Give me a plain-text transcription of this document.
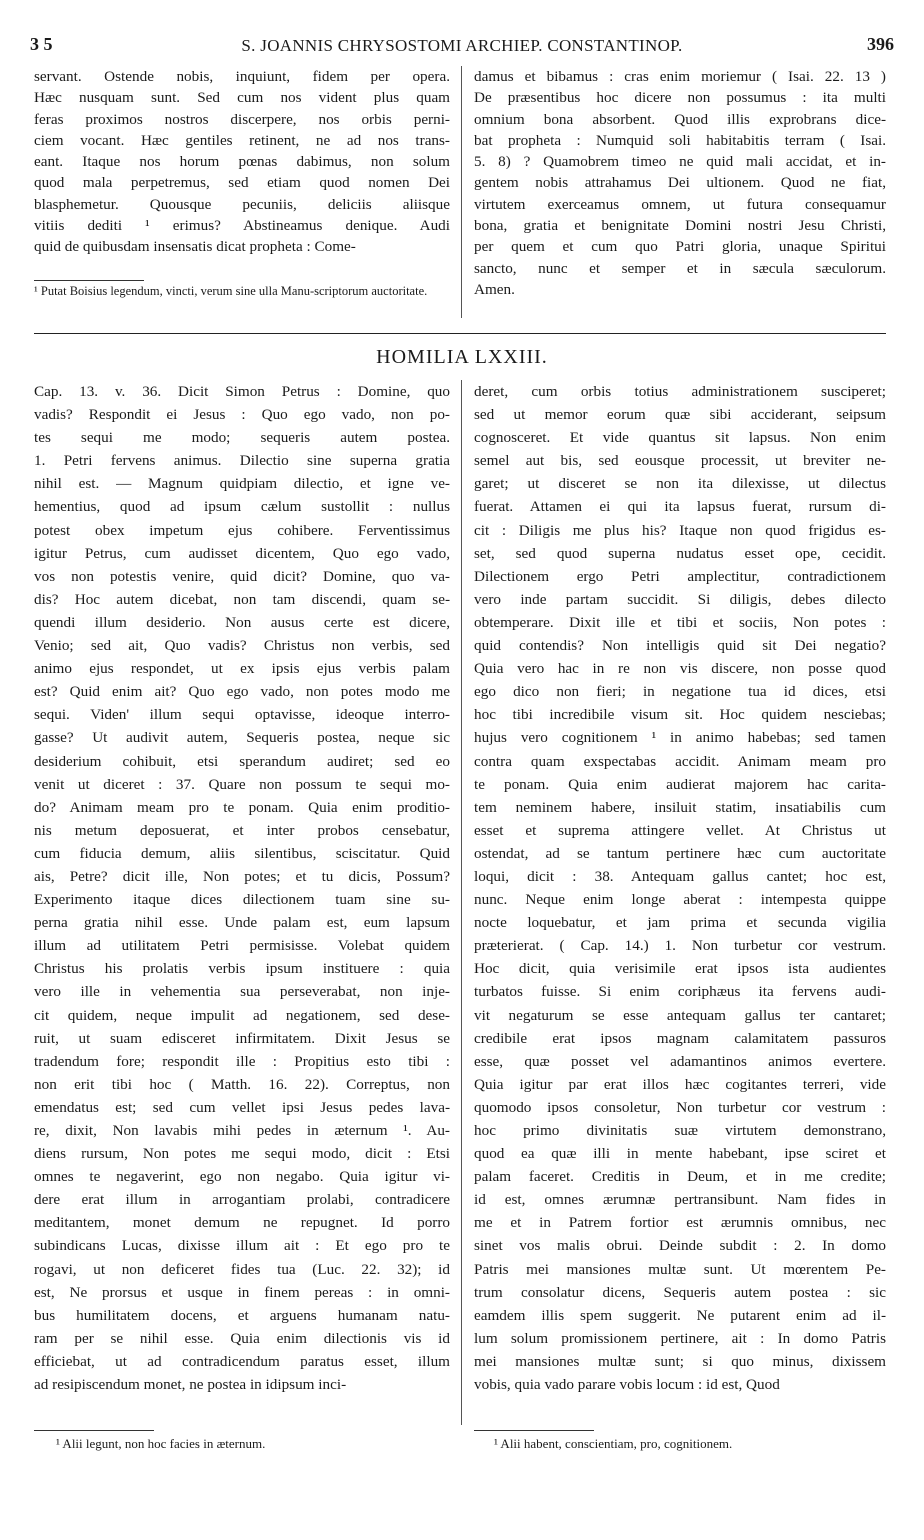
3 5	S. JOANNIS CHRYSOSTOMI ARCHIEP. CONSTANTINOP.	396
servant. Ostende nobis, inquiunt, fidem per opera.
Hæc nusquam sunt. Sed cum nos vident plus quam
feras proximos nostros discerpere, nos orbis perni-
ciem vocant. Hæc gentiles retinent, ne ad nos trans-
eant. Itaque nos horum pœnas dabimus, non solum
quod mala perpetremus, sed etiam quod nomen Dei
blasphemetur. Quousque pecuniis, deliciis aliisque
vitiis deditі ¹ erimus? Abstineamus denique. Audi
quid de quibusdam insensatis dicat propheta : Come-
¹ Putat Boisius legendum, vincti, verum sine ulla Manu-scriptorum auctoritate.
damus et bibamus : cras enim moriemur ( Isai. 22. 13 )
De præsentibus hoc dicere non possumus : ita multi
omnium bona absorbent. Quod illis exprobrans dice-
bat propheta : Numquid soli habitabitis terram ( Isai.
5. 8) ? Quamobrem timeo ne quid mali accidat, et in-
gentem nobis attrahamus Dei ultionem. Quod ne fiat,
virtutem exerceamus omnem, ut futura consequamur
bona, gratia et benignitate Domini nostri Jesu Christi,
per quem et cum quo Patri gloria, unaque Spiritui
sancto, nunc et semper et in sæcula sæculorum.
Amen.
HOMILIA LXXIII.
Cap. 13. v. 36. Dicit Simon Petrus : Domine, quo
vadis? Respondit ei Jesus : Quo ego vado, non po-
tes sequi me modo; sequeris autem postea.
1. Petri fervens animus. Dilectio sine superna gratia
nihil est. — Magnum quidpiam dilectio, et igne ve-
hementius, quod ad ipsum cælum sustollit : nullus
potest obex impetum ejus cohibere. Ferventissimus
igitur Petrus, cum audisset dicentem, Quo ego vado,
vos non potestis venire, quid dicit? Domine, quo va-
dis? Hoc autem dicebat, non tam discendi, quam se-
quendi illum desiderio. Non ausus certe est dicere,
Venio; sed ait, Quo vadis? Christus non verbis, sed
animo ejus respondet, ut ex ipsis ejus verbis palam
est? Quid enim ait? Quo ego vado, non potes modo me
sequi. Viden' illum sequi optavisse, ideoque interro-
gasse? Ut audivit autem, Sequeris postea, neque sic
desiderium cohibuit, etsi sperandum audiret; sed eo
venit ut diceret : 37. Quare non possum te sequi mo-
do? Animam meam pro te ponam. Quia enim proditio-
nis metum deposuerat, et inter probos censebatur,
cum fiducia demum, aliis silentibus, sciscitatur. Quid
ais, Petre? dicit ille, Non potes; et tu dicis, Possum?
Experimento itaque dices dilectionem tuam sine su-
perna gratia nihil esse. Unde palam est, eum lapsum
illum ad utilitatem Petri permisisse. Volebat quidem
Christus his prolatis verbis ipsum instituere : quia
vero ille in vehementia sua perseverabat, non inje-
cit quidem, neque impulit ad negationem, sed dese-
ruit, ut suam edisceret infirmitatem. Dixit Jesus se
tradendum fore; respondit ille : Propitius esto tibi :
non erit tibi hoc ( Matth. 16. 22). Correptus, non
emendatus est; sed cum vellet ipsi Jesus pedes lava-
re, dixit, Non lavabis mihi pedes in æternum ¹. Au-
diens rursum, Non potes me sequi modo, dicit : Etsi
omnes te negaverint, ego non negabo. Quia igitur vi-
dere erat illum in arrogantiam prolabi, contradicere
meditantem, monet demum ne repugnet. Id porro
subindicans Lucas, dixisse illum ait : Et ego pro te
rogavi, ut non deficeret fides tua (Luc. 22. 32); id
est, Ne prorsus et usque in finem pereas : in omni-
bus humilitatem docens, et arguens humanam natu-
ram per se nihil esse. Quia enim dilectionis vis id
efficiebat, ut ad contradicendum paratus esset, illum
ad resipiscendum monet, ne postea in idipsum inci-
deret, cum orbis totius administrationem susciperet;
sed ut memor eorum quæ sibi acciderant, seipsum
cognosceret. Et vide quantus sit lapsus. Non enim
semel aut bis, sed eousque processit, ut breviter ne-
garet; ut disceret se non ita dilexisse, ut dilectus
fuerat. Attamen ei qui ita lapsus fuerat, rursum di-
cit : Diligis me plus his? Itaque non quod frigidus es-
set, sed quod superna nudatus esset ope, cecidit.
Dilectionem ergo Petri amplectitur, contradictionem
vero inde partam succidit. Si diligis, debes dilecto
obtemperare. Dixit ille et tibi et sociis, Non potes :
quid contendis? Non intelligis quid sit Dei negatio?
Quia vero hac in re non vis discere, non posse quod
ego dico non fieri; in negatione tua id dices, etsi
hoc tibi incredibile visum sit. Hoc quidem nesciebas;
hujus vero cognitionem ¹ in animo habebas; sed tamen
contra quam exspectabas accidit. Animam meam pro
te ponam. Quia enim audierat majorem hac carita-
tem neminem habere, insiluit statim, insatiabilis cum
esset et suprema attingere vellet. At Christus ut
ostendat, ad se tantum pertinere hæc cum auctoritate
loqui, dicit : 38. Antequam gallus cantet; hoc est,
nunc. Neque enim longe aberat : intempesta quippe
nocte loquebatur, et jam prima et secunda vigilia
præterierat. ( Cap. 14.) 1. Non turbetur cor vestrum.
Hoc dicit, quia verisimile erat ipsos ista audientes
turbatos fuisse. Si enim coriphæus ita fervens audi-
vit negaturum se esse antequam gallus ter cantaret;
credibile erat ipsos magnam calamitatem passuros
esse, quæ posset vel adamantinos animos evertere.
Quia igitur par erat illos hæc cogitantes terreri, vide
quomodo ipsos consoletur, Non turbetur cor vestrum :
hoc primo divinitatis suæ virtutem demonstrano,
quod ea quæ illi in mente habebant, ipse sciret et
palam faceret. Creditis in Deum, et in me credite;
id est, omnes ærumnæ pertransibunt. Nam fides in
me et in Patrem fortior est ærumnis omnibus, nec
sinet vos malis obrui. Deinde subdit : 2. In domo
Patris mei mansiones multæ sunt. Ut mœrentem Pe-
trum consolatur dicens, Sequeris autem postea : sic
eamdem illis spem suggerit. Ne putarent enim ad il-
lum solum promissionem pertinere, ait : In domo Patris
mei mansiones multæ sunt; si quo minus, dixissem
vobis, quia vado parare vobis locum : id est, Quod
¹ Alii legunt, non hoc facies in æternum.	¹ Alii habent, conscientiam, pro, cognitionem.
